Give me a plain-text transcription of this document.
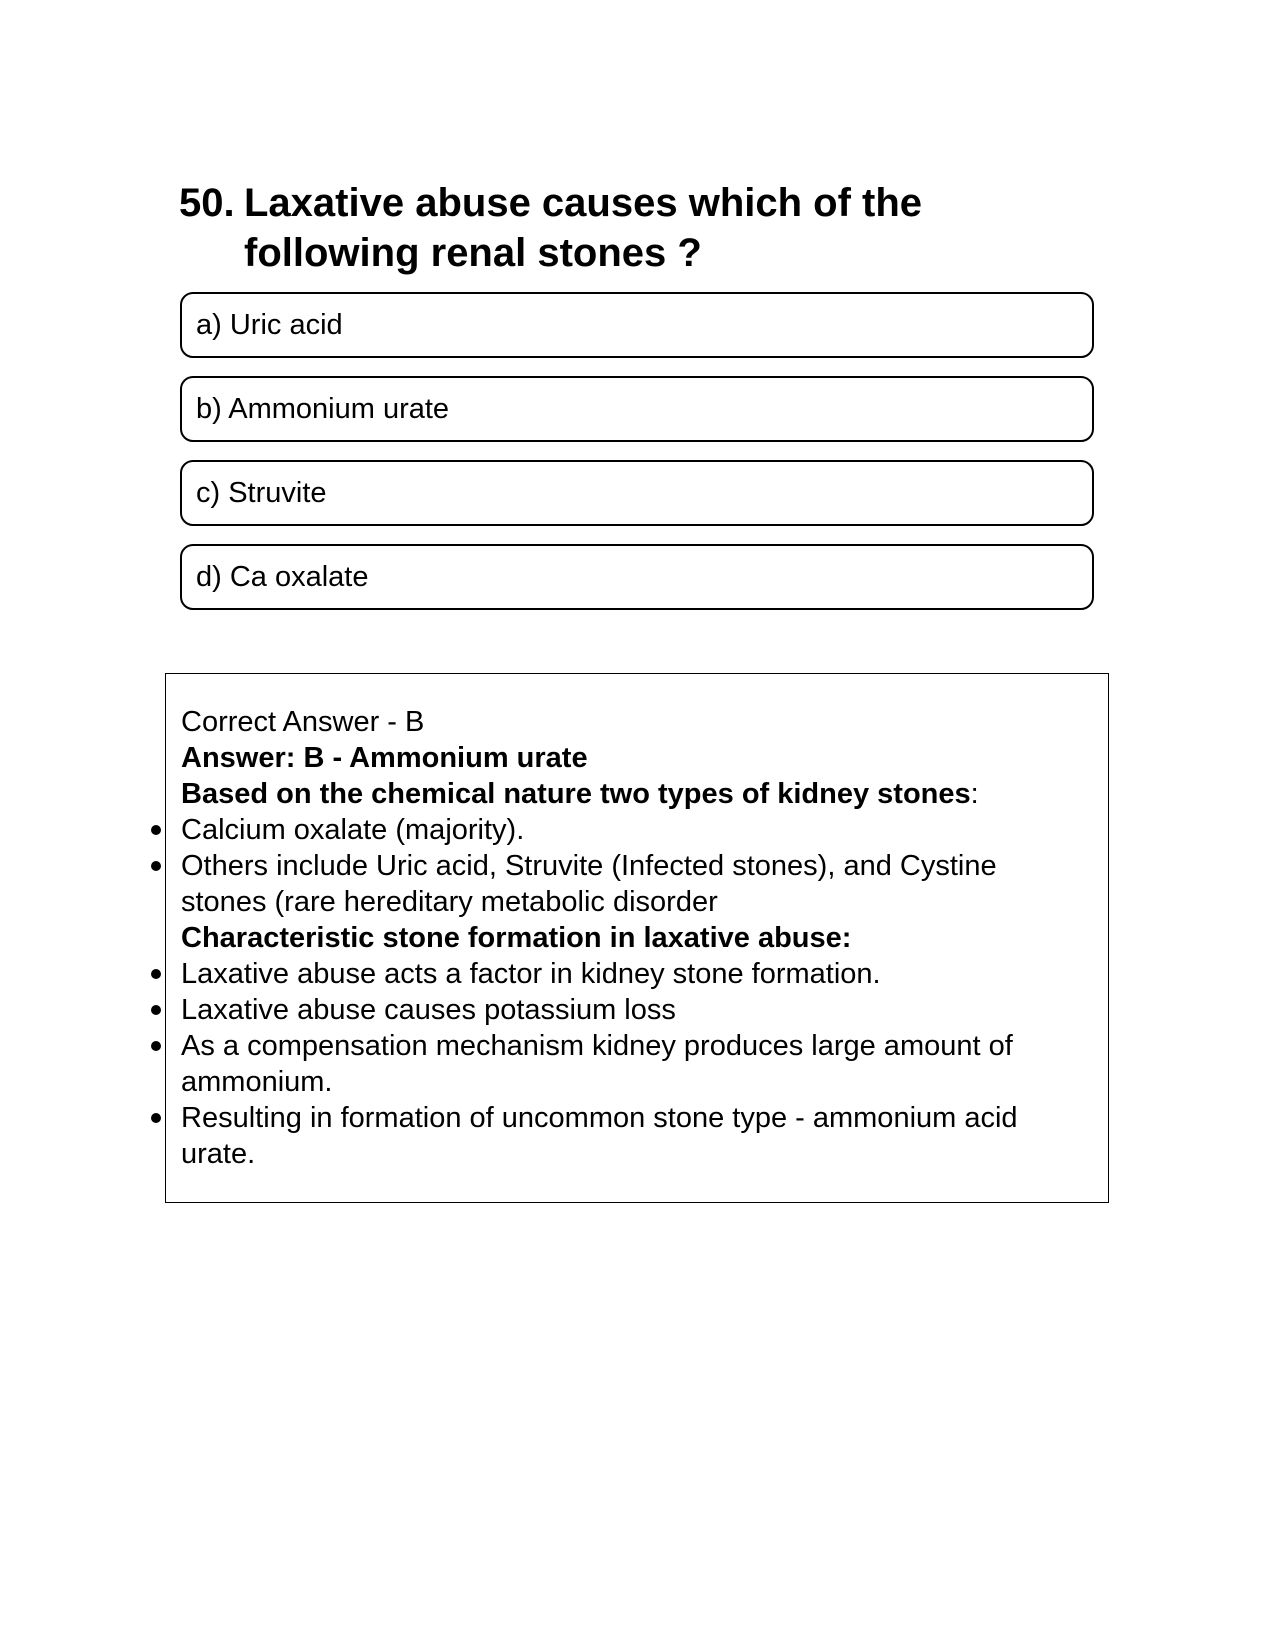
50. Laxative abuse causes which of the following renal stones ?
a) Uric acid
b) Ammonium urate
c) Struvite
d) Ca oxalate

Correct Answer - B

Answer: B - Ammonium urate

Based on the chemical nature two types of kidney stones:

Calcium oxalate (majority).

Others include Uric acid, Struvite (Infected stones), and Cystine stones (rare hereditary metabolic disorder

Characteristic stone formation in laxative abuse:

Laxative abuse acts a factor in kidney stone formation.

Laxative abuse causes potassium loss

As a compensation mechanism kidney produces large amount of ammonium.

Resulting in formation of uncommon stone type - ammonium acid urate.
